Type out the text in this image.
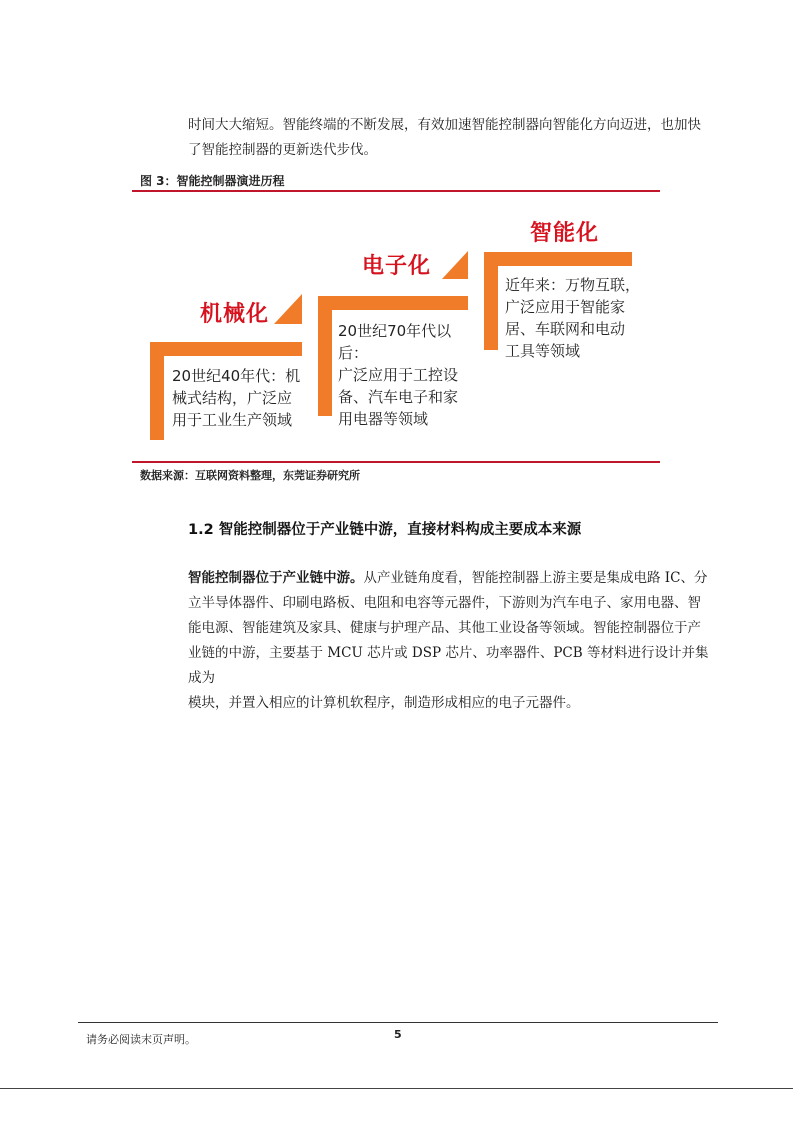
时间大大缩短。智能终端的不断发展，有效加速智能控制器向智能化方向迈进，也加快
了智能控制器的更新迭代步伐。
图 3：智能控制器演进历程
机械化
20世纪40年代：机
械式结构，广泛应
用于工业生产领域
电子化
20世纪70年代以后：
广泛应用于工控设
备、汽车电子和家
用电器等领域
智能化
近年来：万物互联，
广泛应用于智能家
居、车联网和电动
工具等领域
数据来源：互联网资料整理，东莞证券研究所
1.2 智能控制器位于产业链中游，直接材料构成主要成本来源
智能控制器位于产业链中游。从产业链角度看，智能控制器上游主要是集成电路 IC、分
立半导体器件、印刷电路板、电阻和电容等元器件，下游则为汽车电子、家用电器、智
能电源、智能建筑及家具、健康与护理产品、其他工业设备等领域。智能控制器位于产
业链的中游，主要基于 MCU 芯片或 DSP 芯片、功率器件、PCB 等材料进行设计并集成为
模块，并置入相应的计算机软程序，制造形成相应的电子元器件。
请务必阅读末页声明。	5
